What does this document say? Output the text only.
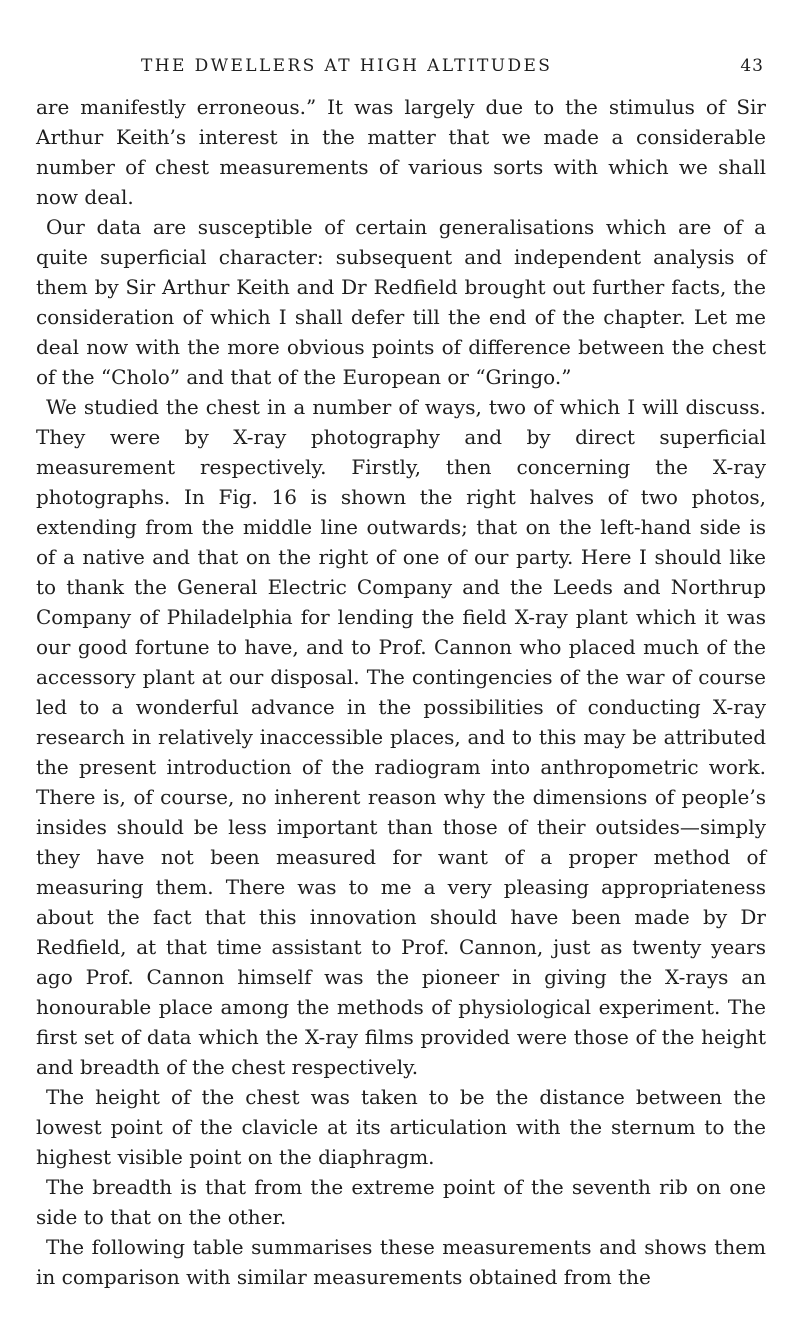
THE DWELLERS AT HIGH ALTITUDES	43

are manifestly erroneous.” It was largely due to the stimulus of Sir Arthur Keith’s interest in the matter that we made a considerable number of chest measurements of various sorts with which we shall now deal.

Our data are susceptible of certain generalisations which are of a quite superficial character: subsequent and independent analysis of them by Sir Arthur Keith and Dr Redfield brought out further facts, the consideration of which I shall defer till the end of the chapter. Let me deal now with the more obvious points of difference between the chest of the “Cholo” and that of the European or “Gringo.”

We studied the chest in a number of ways, two of which I will discuss. They were by X-ray photography and by direct superficial measurement respectively. Firstly, then concerning the X-ray photographs. In Fig. 16 is shown the right halves of two photos, extending from the middle line outwards; that on the left-hand side is of a native and that on the right of one of our party. Here I should like to thank the General Electric Company and the Leeds and Northrup Company of Philadelphia for lending the field X-ray plant which it was our good fortune to have, and to Prof. Cannon who placed much of the accessory plant at our disposal. The contingencies of the war of course led to a wonderful advance in the possibilities of conducting X-ray research in relatively inaccessible places, and to this may be attributed the present introduction of the radiogram into anthropometric work. There is, of course, no inherent reason why the dimensions of people’s insides should be less important than those of their outsides—simply they have not been measured for want of a proper method of measuring them. There was to me a very pleasing appropriateness about the fact that this innovation should have been made by Dr Redfield, at that time assistant to Prof. Cannon, just as twenty years ago Prof. Cannon himself was the pioneer in giving the X-rays an honourable place among the methods of physiological experiment. The first set of data which the X-ray films provided were those of the height and breadth of the chest respectively.

The height of the chest was taken to be the distance between the lowest point of the clavicle at its articulation with the sternum to the highest visible point on the diaphragm.

The breadth is that from the extreme point of the seventh rib on one side to that on the other.

The following table summarises these measurements and shows them in comparison with similar measurements obtained from the
